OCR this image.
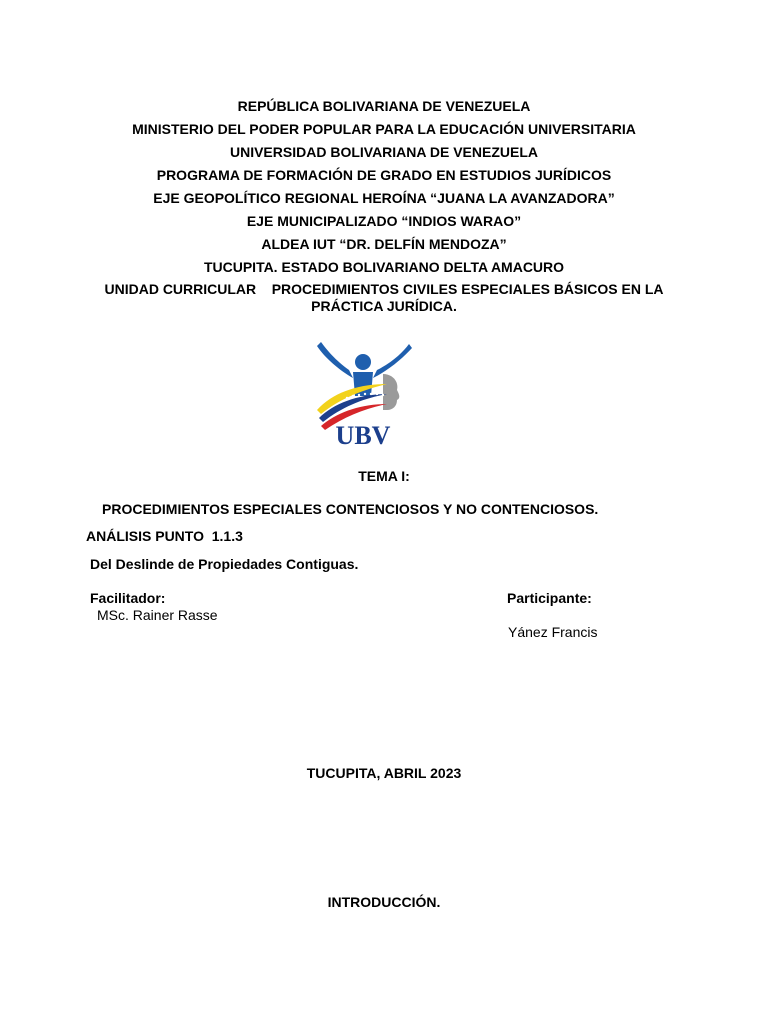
REPÚBLICA BOLIVARIANA DE VENEZUELA
MINISTERIO DEL PODER POPULAR PARA LA EDUCACIÓN UNIVERSITARIA
UNIVERSIDAD BOLIVARIANA DE VENEZUELA
PROGRAMA DE FORMACIÓN DE GRADO EN ESTUDIOS JURÍDICOS
EJE GEOPOLÍTICO REGIONAL HEROÍNA “JUANA LA AVANZADORA”
EJE MUNICIPALIZADO “INDIOS WARAO”
ALDEA IUT “DR. DELFÍN MENDOZA”
TUCUPITA. ESTADO BOLIVARIANO DELTA AMACURO
UNIDAD CURRICULAR    PROCEDIMIENTOS CIVILES ESPECIALES BÁSICOS EN LA PRÁCTICA JURÍDICA.
UBV
TEMA I:
PROCEDIMIENTOS ESPECIALES CONTENCIOSOS Y NO CONTENCIOSOS.
ANÁLISIS PUNTO  1.1.3
Del Deslinde de Propiedades Contiguas.
Facilitador:
MSc. Rainer Rasse
Participante:
Yánez Francis
TUCUPITA, ABRIL 2023
INTRODUCCIÓN.
